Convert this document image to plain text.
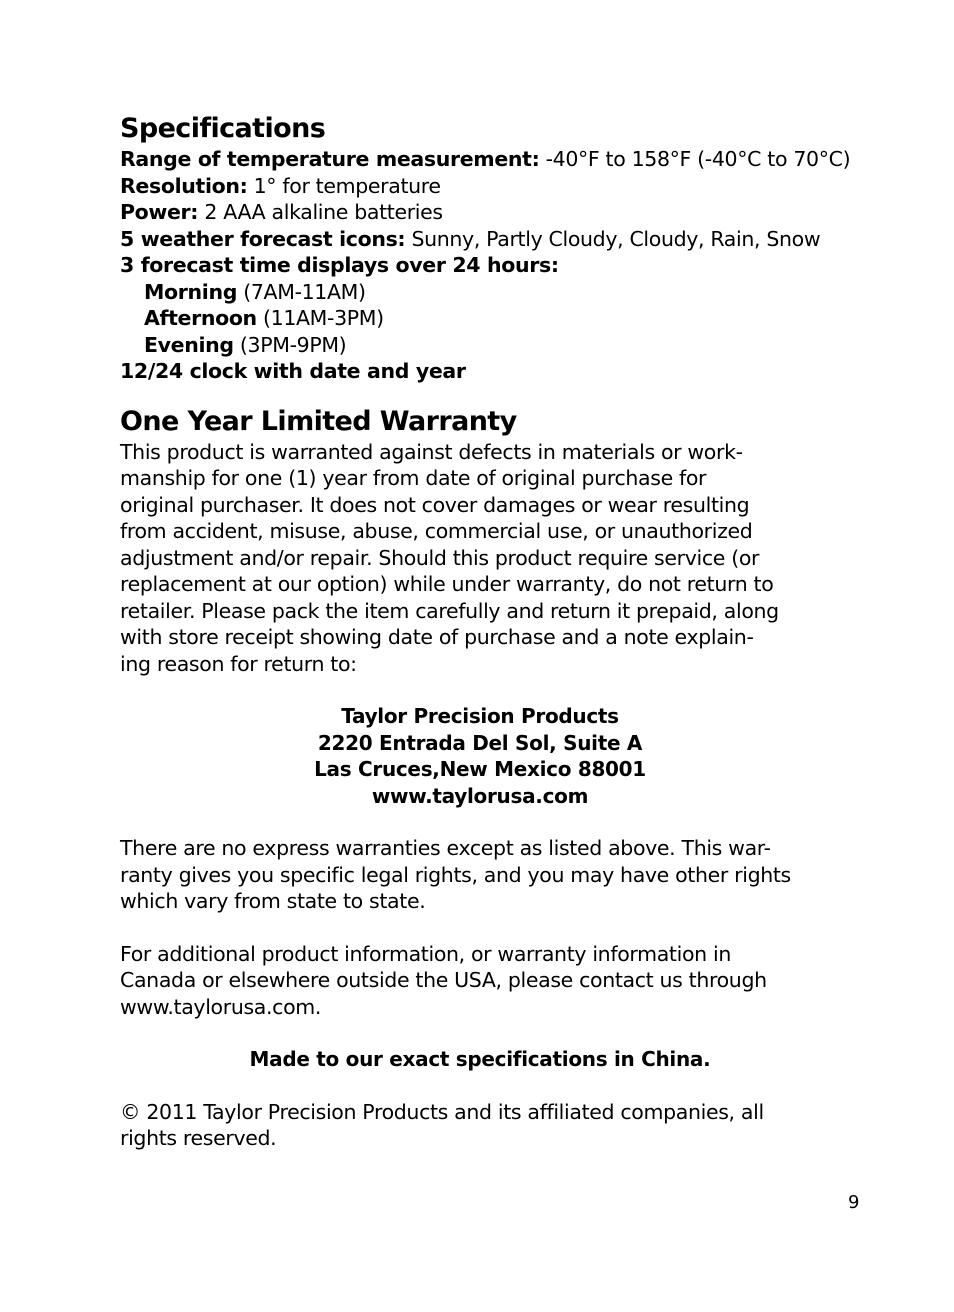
Specifications
Range of temperature measurement: -40°F to 158°F (-40°C to 70°C)
Resolution: 1° for temperature
Power: 2 AAA alkaline batteries
5 weather forecast icons: Sunny, Partly Cloudy, Cloudy, Rain, Snow
3 forecast time displays over 24 hours:
Morning (7AM-11AM)
Afternoon (11AM-3PM)
Evening (3PM-9PM)
12/24 clock with date and year
One Year Limited Warranty
This product is warranted against defects in materials or work-
manship for one (1) year from date of original purchase for
original purchaser. It does not cover damages or wear resulting
from accident, misuse, abuse, commercial use, or unauthorized
adjustment and/or repair. Should this product require service (or
replacement at our option) while under warranty, do not return to
retailer. Please pack the item carefully and return it prepaid, along
with store receipt showing date of purchase and a note explain-
ing reason for return to:
Taylor Precision Products
2220 Entrada Del Sol, Suite A
Las Cruces,New Mexico 88001
www.taylorusa.com
There are no express warranties except as listed above. This war-
ranty gives you specific legal rights, and you may have other rights
which vary from state to state.
For additional product information, or warranty information in
Canada or elsewhere outside the USA, please contact us through
www.taylorusa.com.
Made to our exact specifications in China.
© 2011 Taylor Precision Products and its affiliated companies, all
rights reserved.
9
